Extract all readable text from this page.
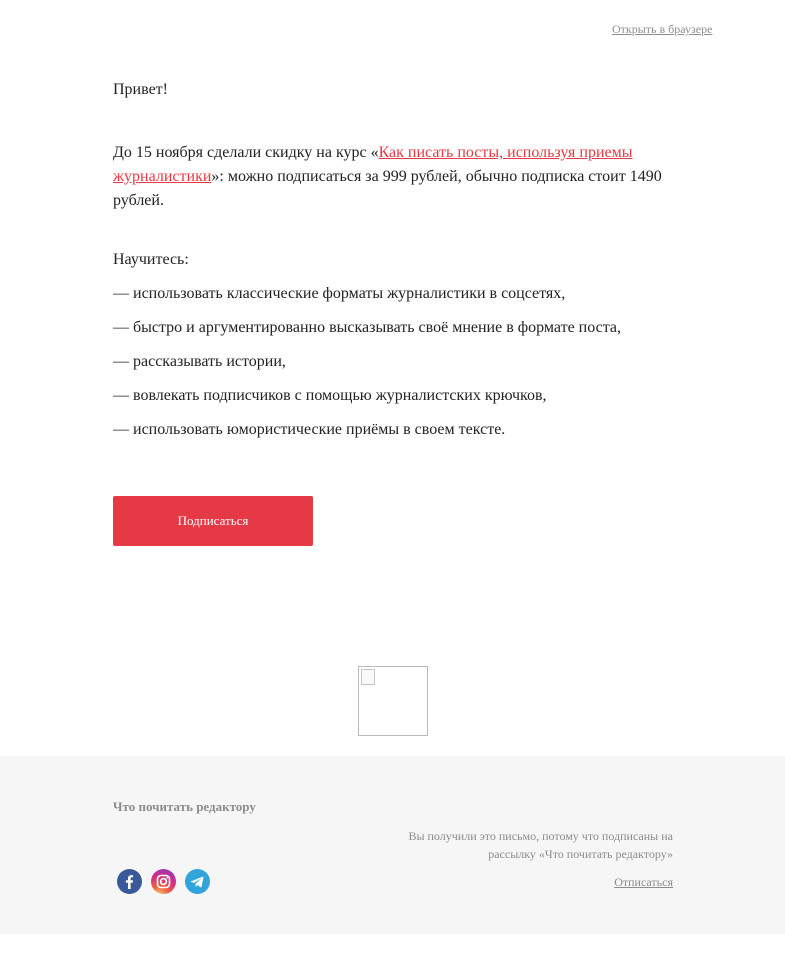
Открыть в браузере
Привет!
До 15 ноября сделали скидку на курс «Как писать посты, используя приемы журналистики»: можно подписаться за 999 рублей, обычно подписка стоит 1490 рублей.
Научитесь:
— использовать классические форматы журналистики в соцсетях,
— быстро и аргументированно высказывать своё мнение в формате поста,
— рассказывать истории,
— вовлекать подписчиков с помощью журналистских крючков,
— использовать юмористические приёмы в своем тексте.
Подписаться
Что почитать редактору
Вы получили это письмо, потому что подписаны на рассылку «Что почитать редактору»
Отписаться
